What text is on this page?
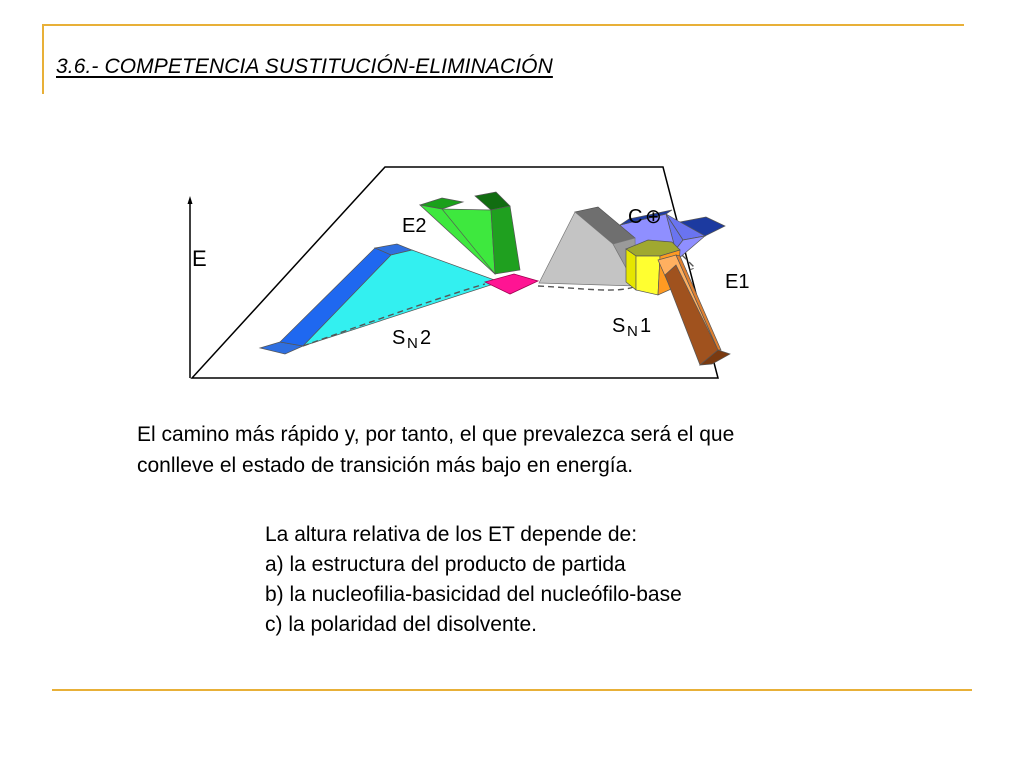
3.6.- COMPETENCIA SUSTITUCIÓN-ELIMINACIÓN
E
E2	C ⊕
E1
S N 2
S N 1

El camino más rápido y, por tanto, el que prevalezca será el que
conlleve el estado de transición más bajo en energía.

La altura relativa de los ET depende de:
a) la estructura del producto de partida
b) la nucleofilia-basicidad del nucleófilo-base
c) la polaridad del disolvente.
